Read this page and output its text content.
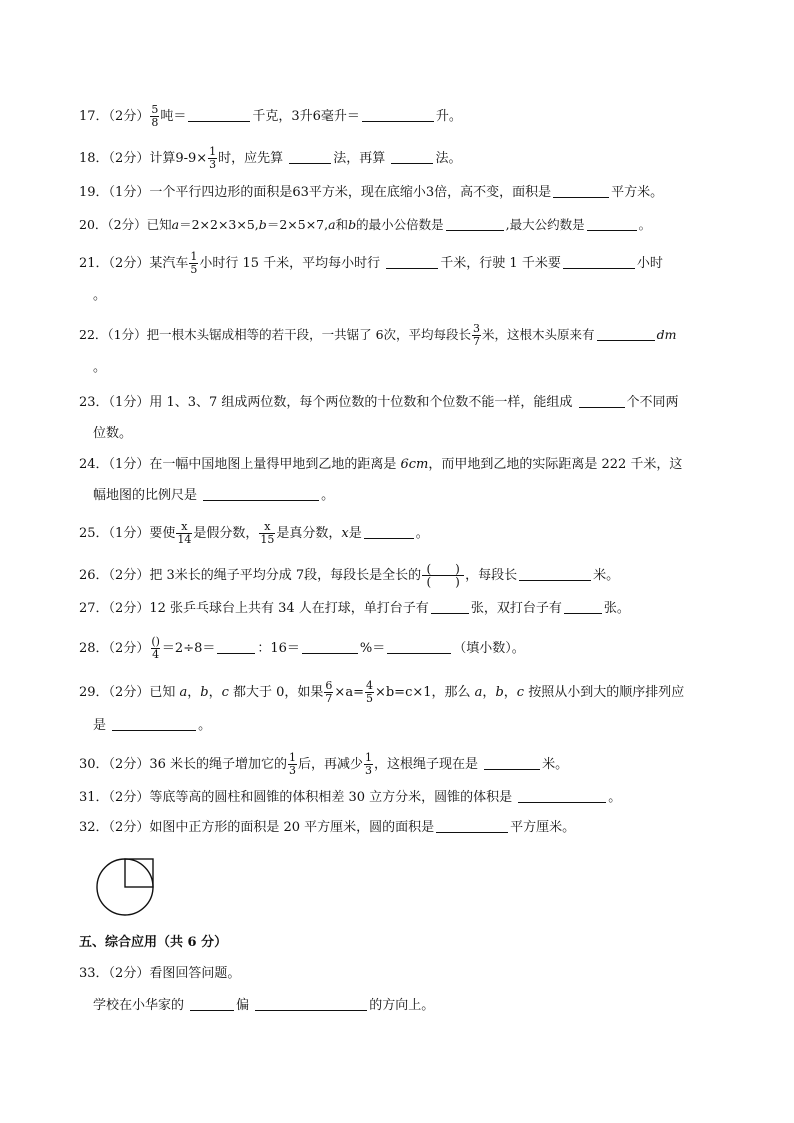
17．（2分） $\frac{5}{8}$ 吨＝	千克，3升6毫升＝	升。
18．（2分）计算$9-9\times \frac{1}{3}$ 时，应先算	法，再算	法。
19．（1分）一个平行四边形的面积是63平方米，现在底缩小3倍，高不变，面积是	平方米。
20．（2分）已知a＝2×2×3×5,b＝2×5×7,a和b的最小公倍数是	,最大公约数是	。
21．（2分）某汽车 $\frac{1}{5}$ 小时行 15 千米，平均每小时行	千米，行驶 1 千米要	小时
。
22．（1分）把一根木头锯成相等的若干段，一共锯了 6次，平均每段长 $\frac{3}{7}$ 米，这根木头原来有	dm
。
23．（1分）用 1、3、7 组成两位数，每个两位数的十位数和个位数不能一样，能组成	个不同两
位数。
24．（1分）在一幅中国地图上量得甲地到乙地的距离是 6cm，而甲地到乙地的实际距离是 222 千米，这
幅地图的比例尺是	。
25．（1分）要使 $\frac{x}{14}$ 是假分数， $\frac{x}{15}$ 是真分数，x是	。
26．（2分）把 3米长的绳子平均分成 7段，每段长是全长的 $\frac{( )}{( )}$ ，每段长	米。
27．（2分）12 张乒乓球台上共有 34 人在打球，单打台子有	张，双打台子有	张。
28．（2分） $\frac{()}{4} =2\div 8=$	：16＝	%＝	（填小数）。
29．（2分）已知 a，b，c 都大于 0，如果 $\frac{6}{7} \times a= \frac{4}{5} \times b=c\times 1$，那么 a，b，c 按照从小到大的顺序排列应
是	。
30．（2分）36 米长的绳子增加它的 $\frac{1}{3}$ 后，再减少 $\frac{1}{3}$ ，这根绳子现在是	米。
31．（2分）等底等高的圆柱和圆锥的体积相差 30 立方分米，圆锥的体积是	。
32．（2分）如图中正方形的面积是 20 平方厘米，圆的面积是	平方厘米。
五、综合应用（共 6 分）
33．（2分）看图回答问题。
学校在小华家的	偏	的方向上。
